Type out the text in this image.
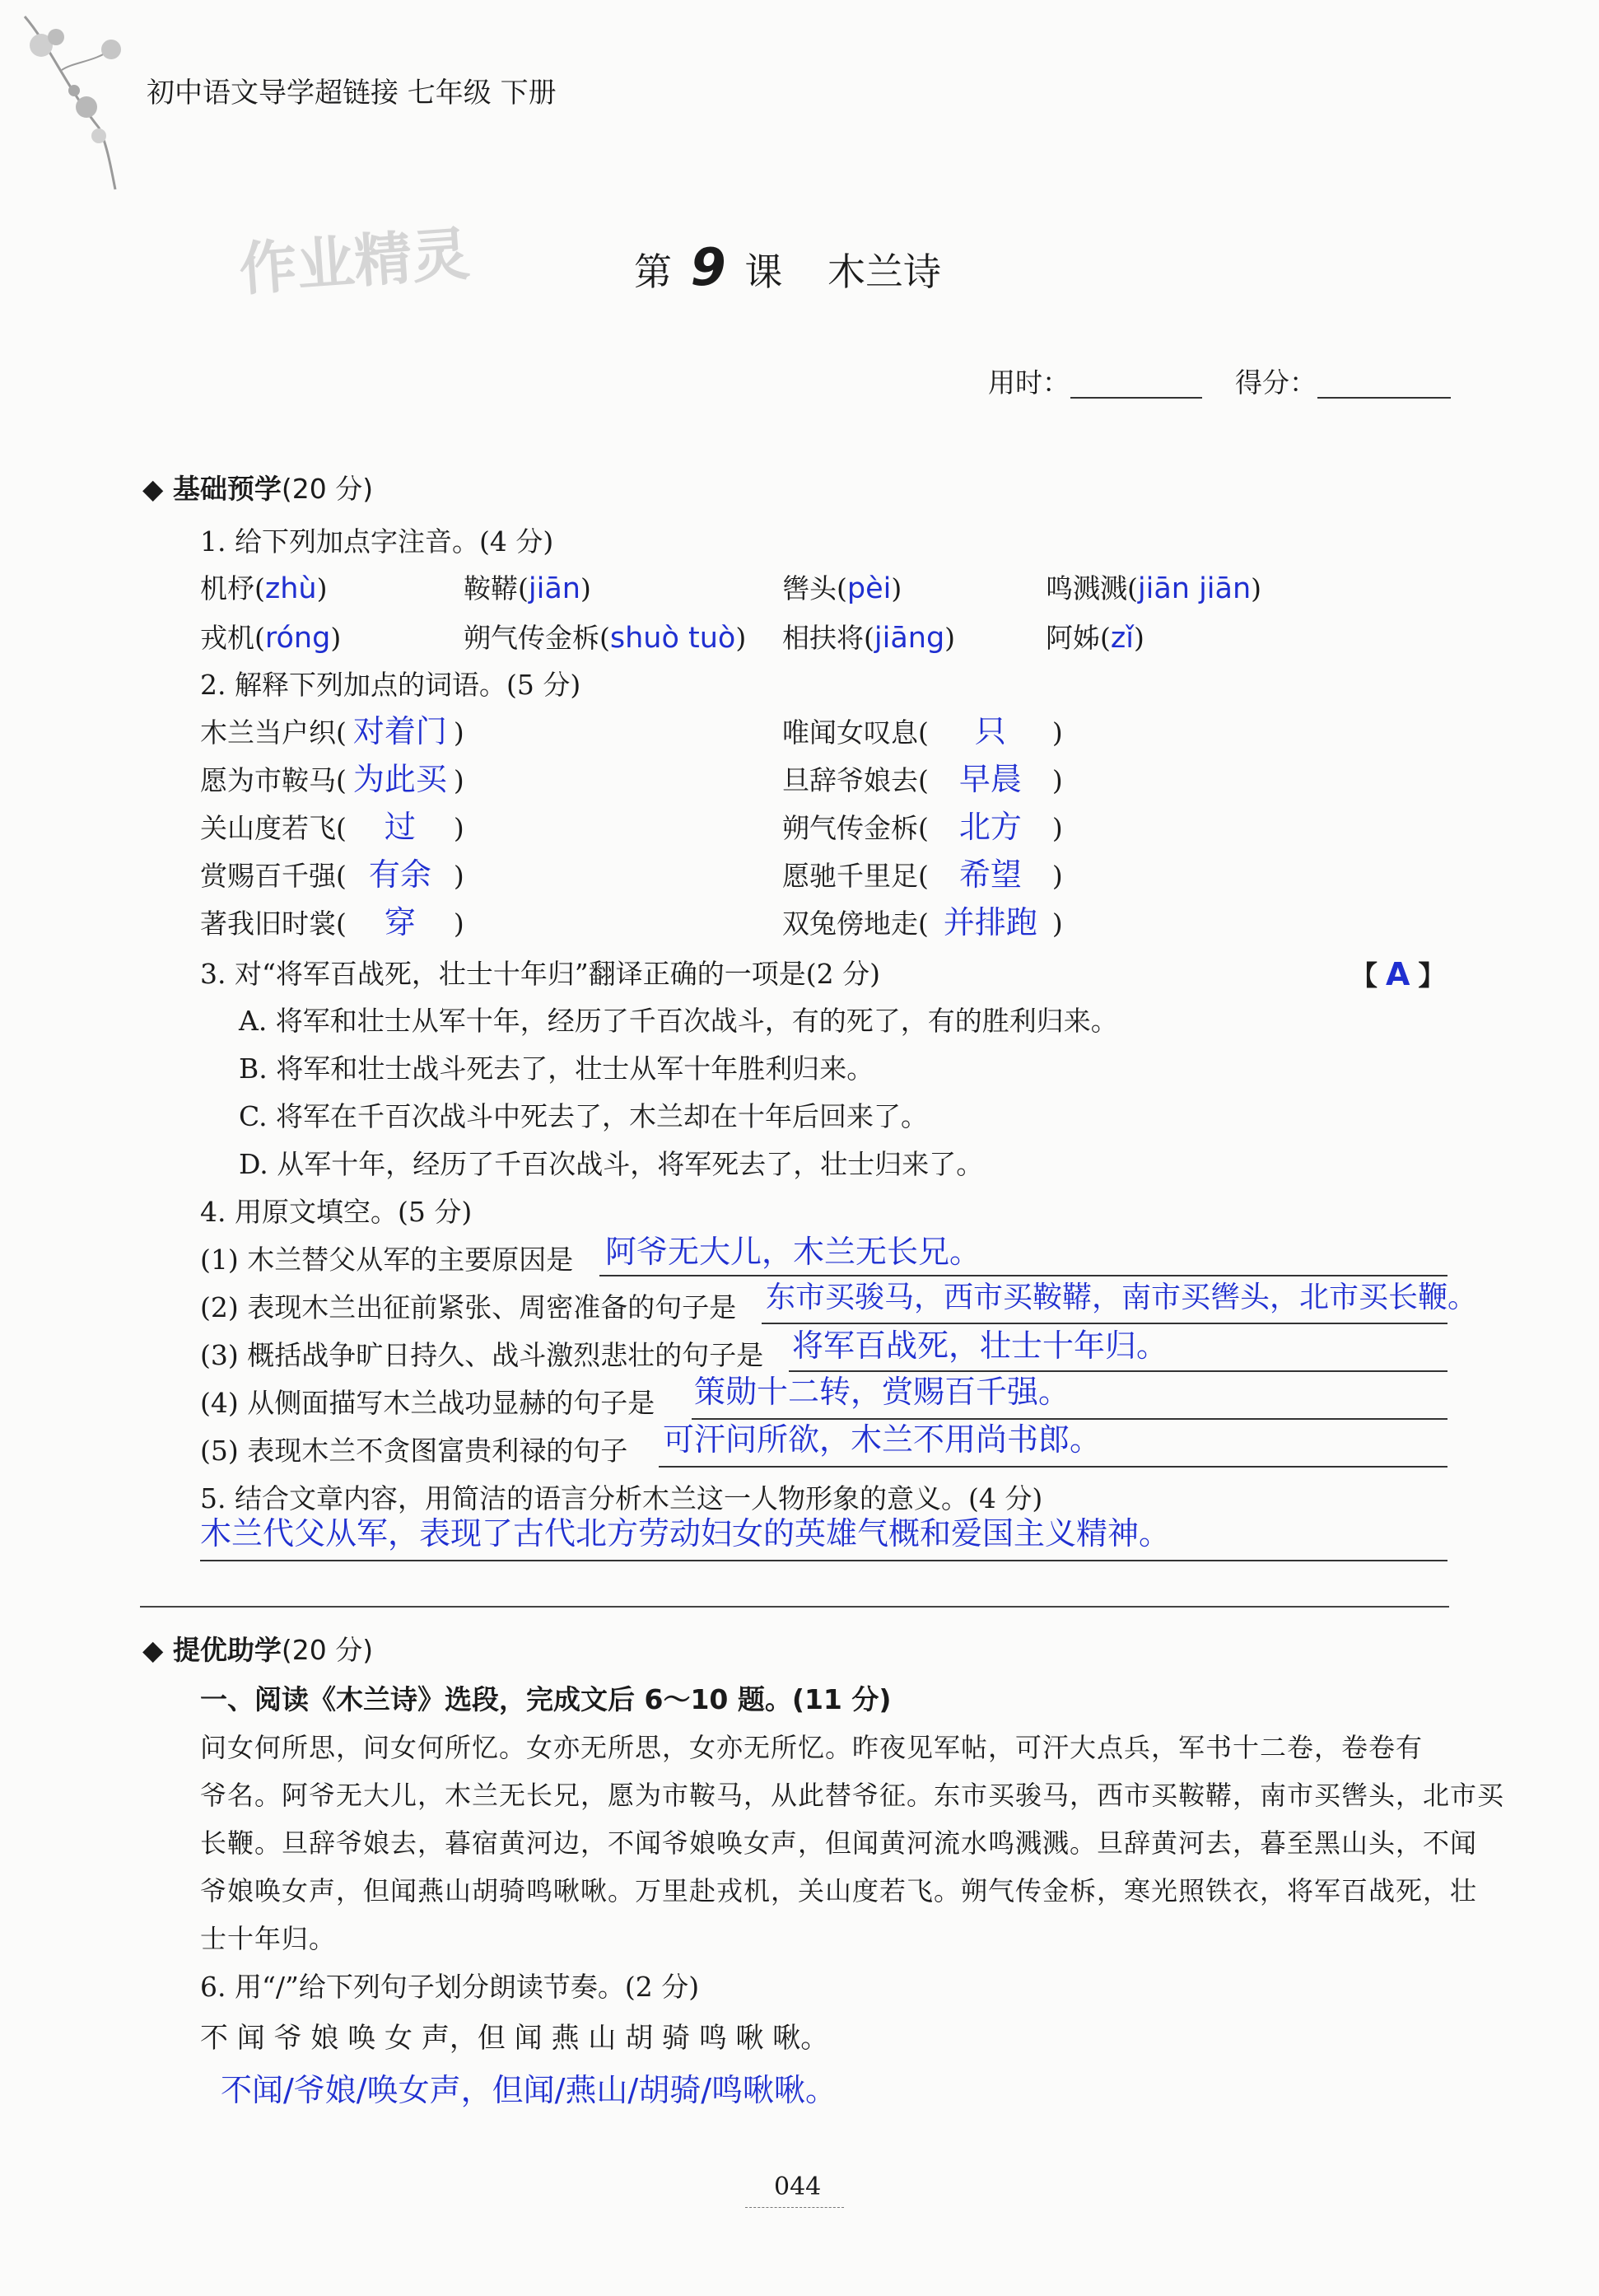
初中语文导学超链接 七年级 下册
作业精灵	第 9 课 木兰诗
用时：	得分：
◆ 基础预学(20 分)
1. 给下列加点字注音。(4 分)
机杼(zhù)	鞍鞯(jiān)	辔头(pèi)	鸣溅溅(jiān jiān)
戎机(róng)	朔气传金柝(shuò tuò) 相扶将(jiāng)	阿姊(zǐ)
2. 解释下列加点的词语。(5 分)
木兰当户织( 对着门 )	唯闻女叹息( 只 )
愿为市鞍马( 为此买 )	旦辞爷娘去( 早晨 )
关山度若飞( 过 )	朔气传金柝( 北方 )
赏赐百千强( 有余 )	愿驰千里足( 希望 )
著我旧时裳( 穿 )	双兔傍地走( 并排跑 )
3. 对“将军百战死，壮士十年归”翻译正确的一项是(2 分)	【 A 】
A. 将军和壮士从军十年，经历了千百次战斗，有的死了，有的胜利归来。
B. 将军和壮士战斗死去了，壮士从军十年胜利归来。
C. 将军在千百次战斗中死去了，木兰却在十年后回来了。
D. 从军十年，经历了千百次战斗，将军死去了，壮士归来了。
4. 用原文填空。(5 分)
(1) 木兰替父从军的主要原因是 阿爷无大儿，木兰无长兄。
(2) 表现木兰出征前紧张、周密准备的句子是 东市买骏马，西市买鞍鞯，南市买辔头，北市买长鞭。
(3) 概括战争旷日持久、战斗激烈悲壮的句子是 将军百战死，壮士十年归。
(4) 从侧面描写木兰战功显赫的句子是 策勋十二转，赏赐百千强。
(5) 表现木兰不贪图富贵利禄的句子 可汗问所欲，木兰不用尚书郎。
5. 结合文章内容，用简洁的语言分析木兰这一人物形象的意义。(4 分)
木兰代父从军，表现了古代北方劳动妇女的英雄气概和爱国主义精神。
◆ 提优助学(20 分)
一、阅读《木兰诗》选段，完成文后 6～10 题。(11 分)
问女何所思，问女何所忆。女亦无所思，女亦无所忆。昨夜见军帖，可汗大点兵，军书十二卷，卷卷有
爷名。阿爷无大儿，木兰无长兄，愿为市鞍马，从此替爷征。东市买骏马，西市买鞍鞯，南市买辔头，北市买
长鞭。旦辞爷娘去，暮宿黄河边，不闻爷娘唤女声，但闻黄河流水鸣溅溅。旦辞黄河去，暮至黑山头，不闻
爷娘唤女声，但闻燕山胡骑鸣啾啾。万里赴戎机，关山度若飞。朔气传金柝，寒光照铁衣，将军百战死，壮
士十年归。
6. 用“/”给下列句子划分朗读节奏。(2 分)
不 闻 爷 娘 唤 女 声，但 闻 燕 山 胡 骑 鸣 啾 啾。
不闻/爷娘/唤女声，但闻/燕山/胡骑/鸣啾啾。
044
